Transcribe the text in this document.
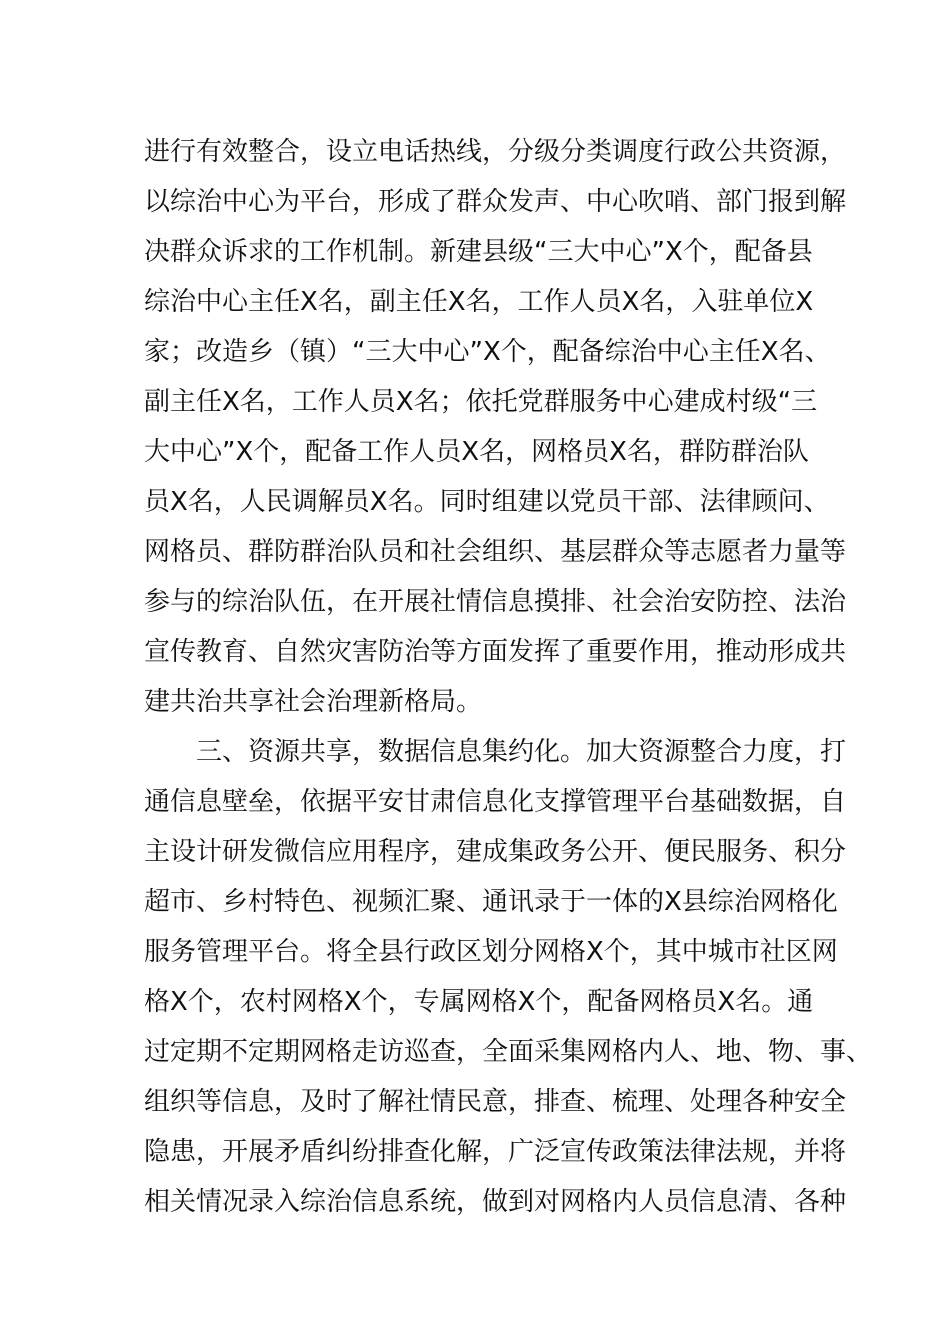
进行有效整合，设立电话热线，分级分类调度行政公共资源，
以综治中心为平台，形成了群众发声、中心吹哨、部门报到解
决群众诉求的工作机制。新建县级“三大中心”X个，配备县
综治中心主任X名，副主任X名，工作人员X名，入驻单位X
家；改造乡（镇）“三大中心”X个，配备综治中心主任X名、
副主任X名，工作人员X名；依托党群服务中心建成村级“三
大中心”X个，配备工作人员X名，网格员X名，群防群治队
员X名，人民调解员X名。同时组建以党员干部、法律顾问、
网格员、群防群治队员和社会组织、基层群众等志愿者力量等
参与的综治队伍，在开展社情信息摸排、社会治安防控、法治
宣传教育、自然灾害防治等方面发挥了重要作用，推动形成共
建共治共享社会治理新格局。
三、资源共享，数据信息集约化。加大资源整合力度，打
通信息壁垒，依据平安甘肃信息化支撑管理平台基础数据，自
主设计研发微信应用程序，建成集政务公开、便民服务、积分
超市、乡村特色、视频汇聚、通讯录于一体的X县综治网格化
服务管理平台。将全县行政区划分网格X个，其中城市社区网
格X个，农村网格X个，专属网格X个，配备网格员X名。通
过定期不定期网格走访巡查，全面采集网格内人、地、物、事、
组织等信息，及时了解社情民意，排查、梳理、处理各种安全
隐患，开展矛盾纠纷排查化解，广泛宣传政策法律法规，并将
相关情况录入综治信息系统，做到对网格内人员信息清、各种
